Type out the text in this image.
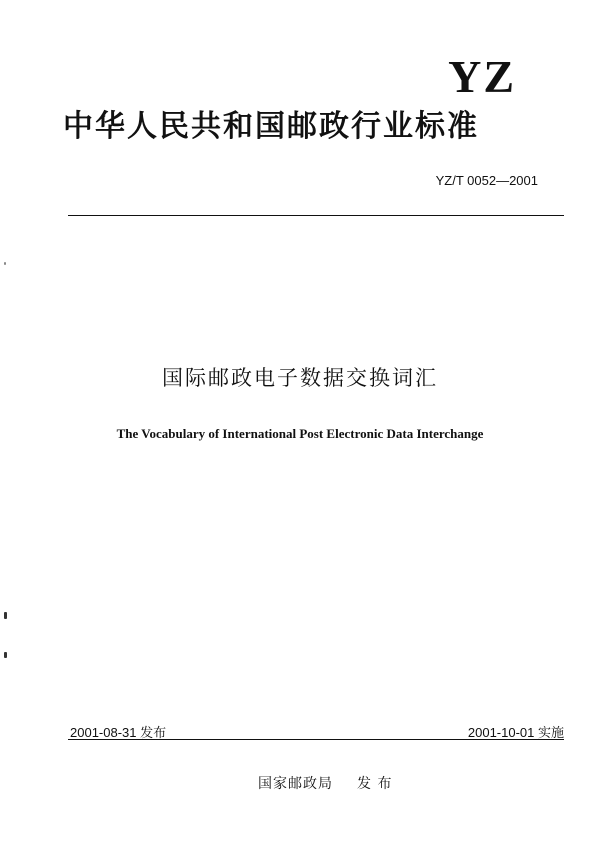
YZ
中华人民共和国邮政行业标准
YZ/T 0052—2001
国际邮政电子数据交换词汇
The Vocabulary of International Post Electronic Data Interchange
2001-08-31 发布	2001-10-01 实施
国家邮政局 发 布
